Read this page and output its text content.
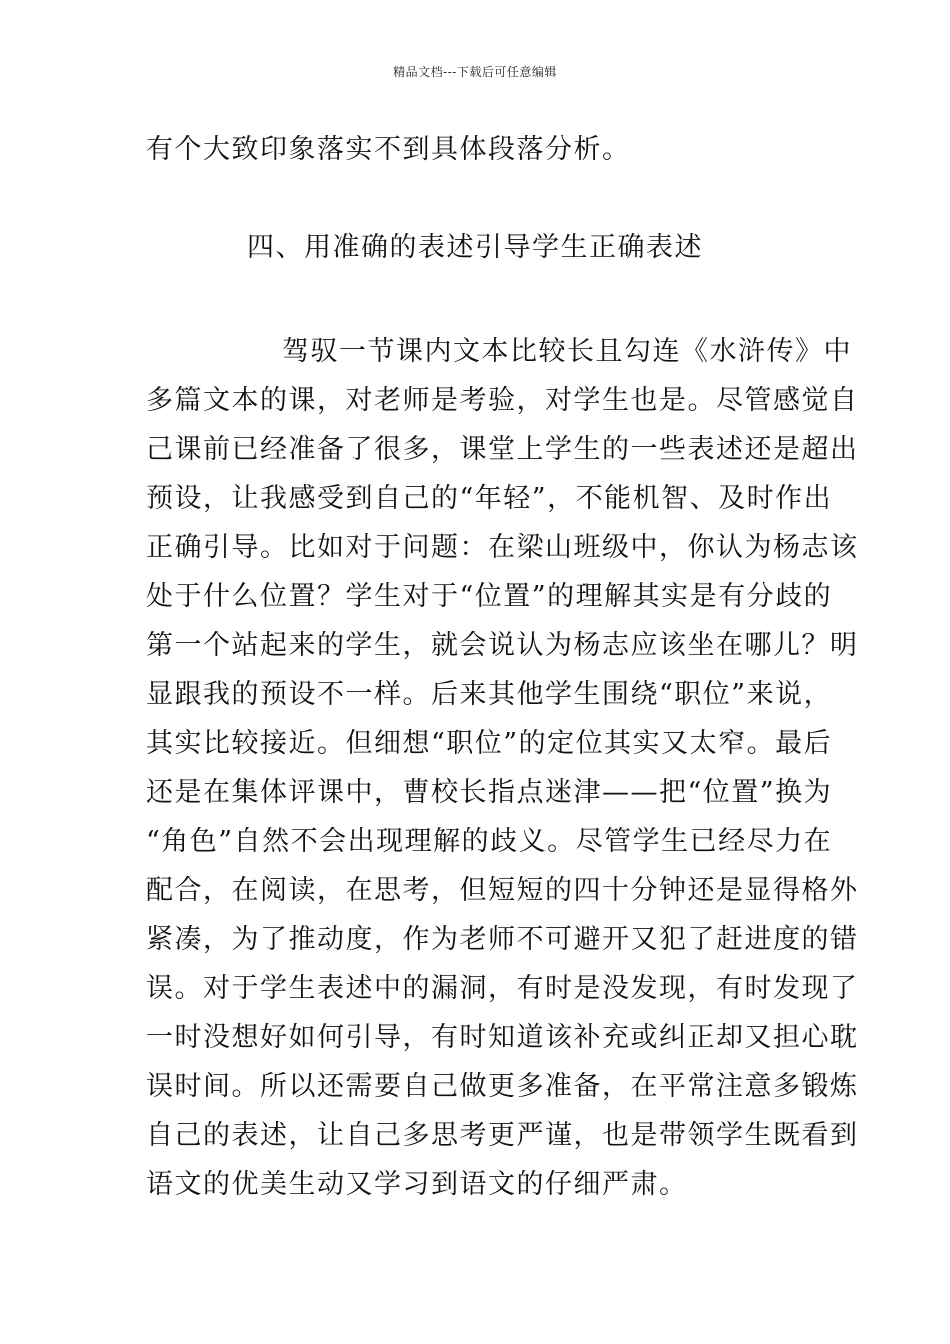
精品文档---下载后可任意编辑
有个大致印象落实不到具体段落分析。
四、用准确的表述引导学生正确表述
驾驭一节课内文本比较长且勾连《水浒传》中
多篇文本的课，对老师是考验，对学生也是。尽管感觉自
己课前已经准备了很多，课堂上学生的一些表述还是超出
预设，让我感受到自己的“年轻”，不能机智、及时作出
正确引导。比如对于问题：在梁山班级中，你认为杨志该
处于什么位置？学生对于“位置”的理解其实是有分歧的
第一个站起来的学生，就会说认为杨志应该坐在哪儿？明
显跟我的预设不一样。后来其他学生围绕“职位”来说，
其实比较接近。但细想“职位”的定位其实又太窄。最后
还是在集体评课中，曹校长指点迷津——把“位置”换为
“角色”自然不会出现理解的歧义。尽管学生已经尽力在
配合，在阅读，在思考，但短短的四十分钟还是显得格外
紧凑，为了推动度，作为老师不可避开又犯了赶进度的错
误。对于学生表述中的漏洞，有时是没发现，有时发现了
一时没想好如何引导，有时知道该补充或纠正却又担心耽
误时间。所以还需要自己做更多准备，在平常注意多锻炼
自己的表述，让自己多思考更严谨，也是带领学生既看到
语文的优美生动又学习到语文的仔细严肃。
